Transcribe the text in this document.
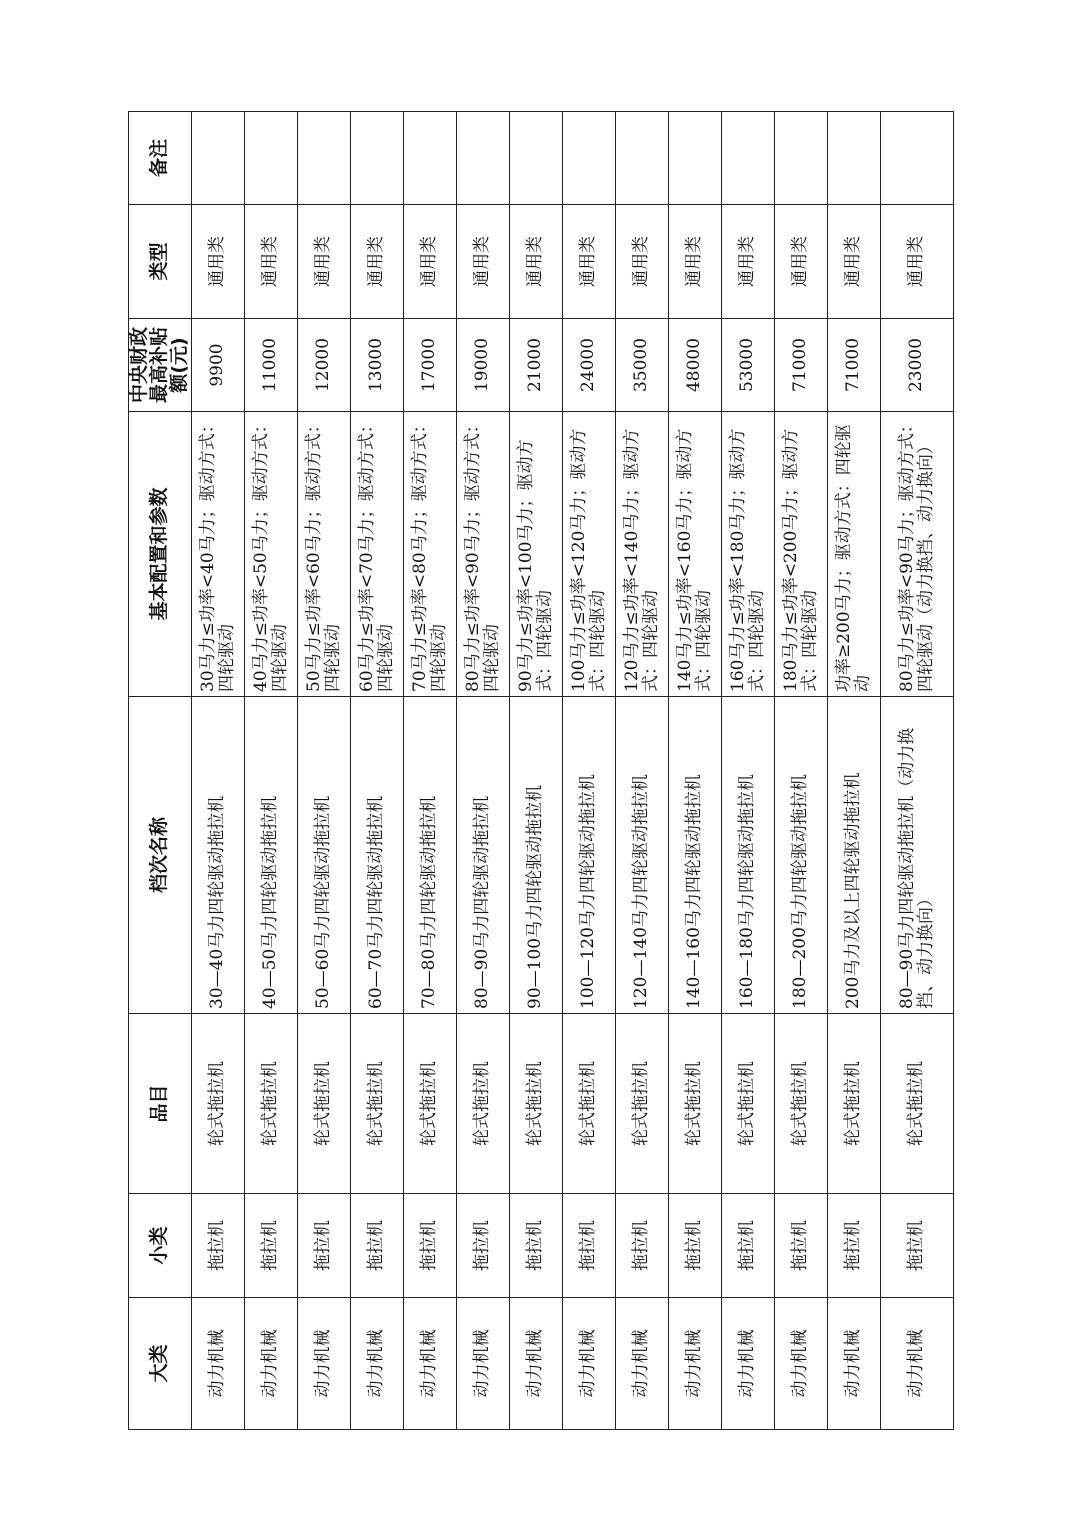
大类	小类	品目	档次名称	基本配置和参数	中央财政最高补贴额(元)	类型	备注
动力机械	拖拉机	轮式拖拉机	30—40马力四轮驱动拖拉机	30马力≤功率<40马力；驱动方式：四轮驱动	9900	通用类	
动力机械	拖拉机	轮式拖拉机	40—50马力四轮驱动拖拉机	40马力≤功率<50马力；驱动方式：四轮驱动	11000	通用类	
动力机械	拖拉机	轮式拖拉机	50—60马力四轮驱动拖拉机	50马力≤功率<60马力；驱动方式：四轮驱动	12000	通用类	
动力机械	拖拉机	轮式拖拉机	60—70马力四轮驱动拖拉机	60马力≤功率<70马力；驱动方式：四轮驱动	13000	通用类	
动力机械	拖拉机	轮式拖拉机	70—80马力四轮驱动拖拉机	70马力≤功率<80马力；驱动方式：四轮驱动	17000	通用类	
动力机械	拖拉机	轮式拖拉机	80—90马力四轮驱动拖拉机	80马力≤功率<90马力；驱动方式：四轮驱动	19000	通用类	
动力机械	拖拉机	轮式拖拉机	90—100马力四轮驱动拖拉机	90马力≤功率<100马力；驱动方式：四轮驱动	21000	通用类	
动力机械	拖拉机	轮式拖拉机	100—120马力四轮驱动拖拉机	100马力≤功率<120马力；驱动方式：四轮驱动	24000	通用类	
动力机械	拖拉机	轮式拖拉机	120—140马力四轮驱动拖拉机	120马力≤功率<140马力；驱动方式：四轮驱动	35000	通用类	
动力机械	拖拉机	轮式拖拉机	140—160马力四轮驱动拖拉机	140马力≤功率<160马力；驱动方式：四轮驱动	48000	通用类	
动力机械	拖拉机	轮式拖拉机	160—180马力四轮驱动拖拉机	160马力≤功率<180马力；驱动方式：四轮驱动	53000	通用类	
动力机械	拖拉机	轮式拖拉机	180—200马力四轮驱动拖拉机	180马力≤功率<200马力；驱动方式：四轮驱动	71000	通用类	
动力机械	拖拉机	轮式拖拉机	200马力及以上四轮驱动拖拉机	功率≥200马力；驱动方式：四轮驱动	71000	通用类	
动力机械	拖拉机	轮式拖拉机	80—90马力四轮驱动拖拉机（动力换挡、动力换向）	80马力≤功率<90马力；驱动方式：四轮驱动（动力换挡、动力换向）	23000	通用类	
